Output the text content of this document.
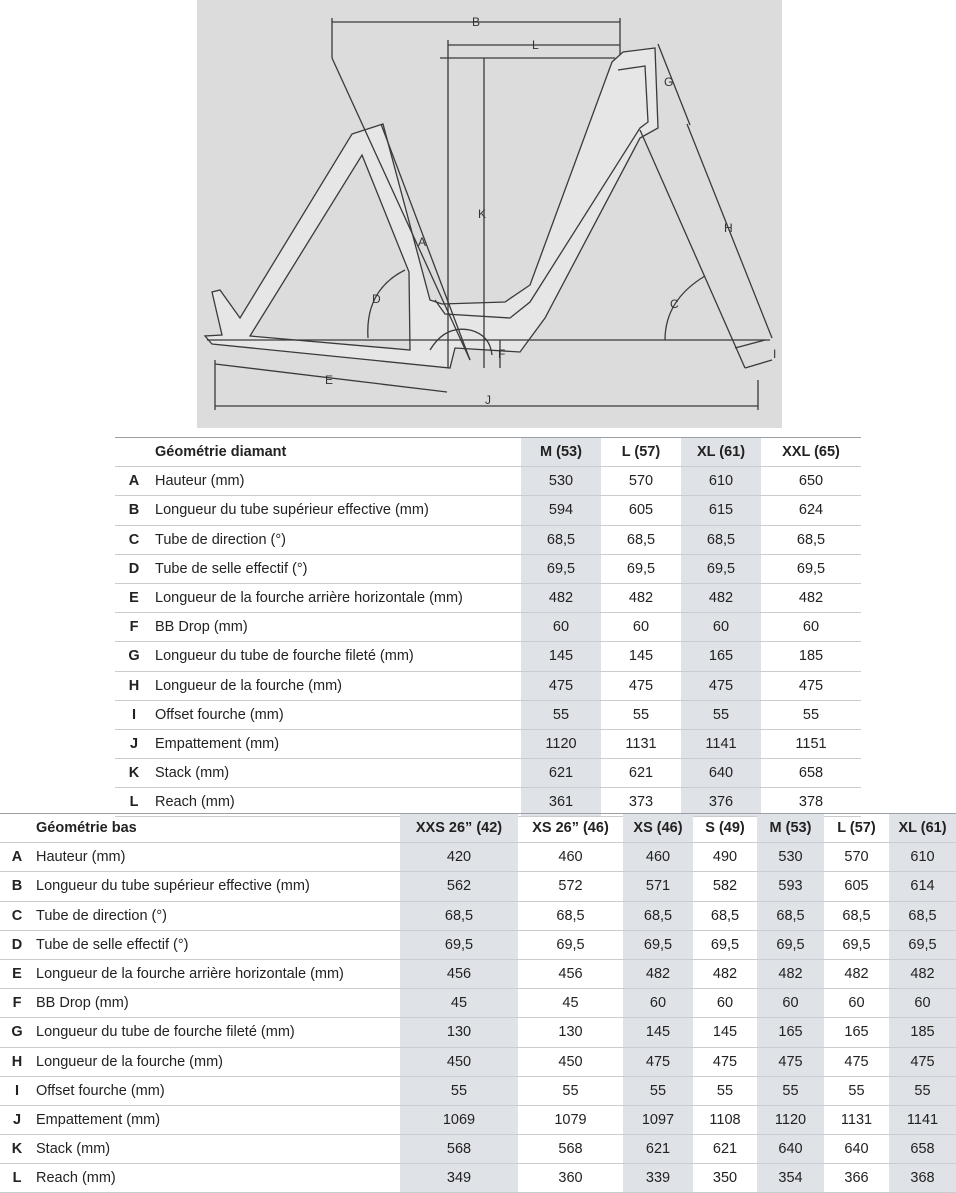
B
L
G
H
K
A
D	C
F	I
E
J
	Géométrie diamant	M (53)	L (57)	XL (61)	XXL (65)
A	Hauteur (mm)	530	570	610	650
B	Longueur du tube supérieur effective (mm)	594	605	615	624
C	Tube de direction (°)	68,5	68,5	68,5	68,5
D	Tube de selle effectif (°)	69,5	69,5	69,5	69,5
E	Longueur de la fourche arrière horizontale (mm)	482	482	482	482
F	BB Drop (mm)	60	60	60	60
G	Longueur du tube de fourche fileté (mm)	145	145	165	185
H	Longueur de la fourche (mm)	475	475	475	475
I	Offset fourche (mm)	55	55	55	55
J	Empattement (mm)	1120	1131	1141	1151
K	Stack (mm)	621	621	640	658
L	Reach (mm)	361	373	376	378
	Géométrie bas	XXS 26” (42)	XS 26” (46)	XS (46)	S (49)	M (53)	L (57)	XL (61)
A	Hauteur (mm)	420	460	460	490	530	570	610
B	Longueur du tube supérieur effective (mm)	562	572	571	582	593	605	614
C	Tube de direction (°)	68,5	68,5	68,5	68,5	68,5	68,5	68,5
D	Tube de selle effectif (°)	69,5	69,5	69,5	69,5	69,5	69,5	69,5
E	Longueur de la fourche arrière horizontale (mm)	456	456	482	482	482	482	482
F	BB Drop (mm)	45	45	60	60	60	60	60
G	Longueur du tube de fourche fileté (mm)	130	130	145	145	165	165	185
H	Longueur de la fourche (mm)	450	450	475	475	475	475	475
I	Offset fourche (mm)	55	55	55	55	55	55	55
J	Empattement (mm)	1069	1079	1097	1108	1120	1131	1141
K	Stack (mm)	568	568	621	621	640	640	658
L	Reach (mm)	349	360	339	350	354	366	368
